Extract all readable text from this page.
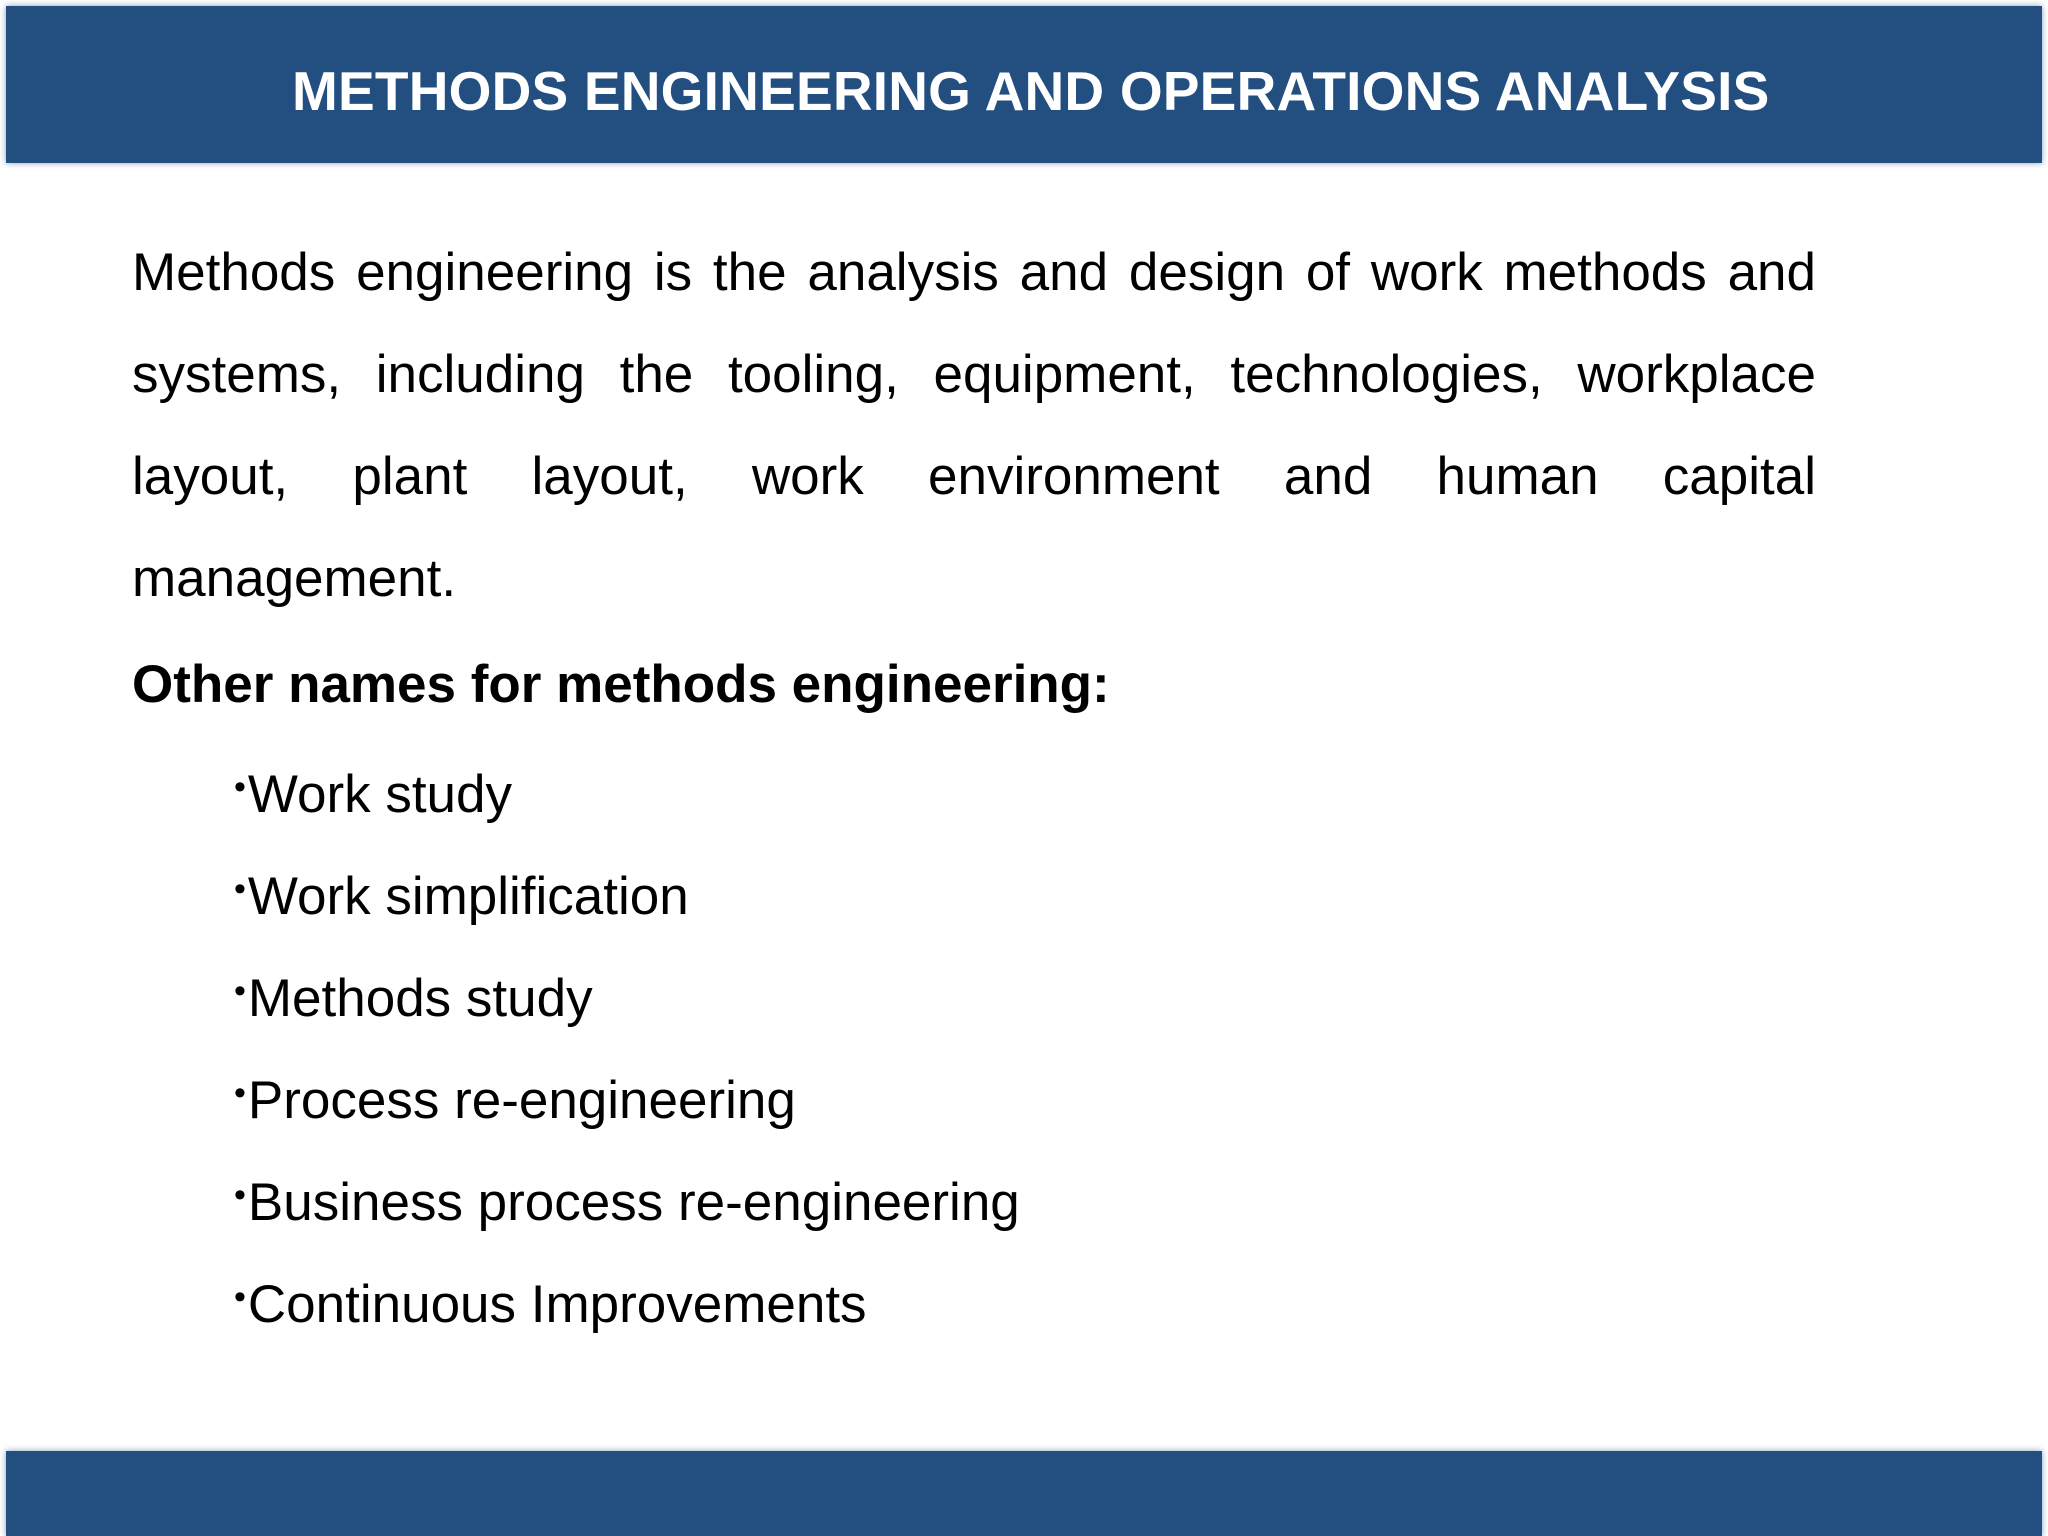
METHODS ENGINEERING AND OPERATIONS ANALYSIS

Methods engineering is the analysis and design of work methods and systems, including the tooling, equipment, technologies, workplace layout, plant layout, work environment and human capital management.

Other names for methods engineering:

•Work study
•Work simplification
•Methods study
•Process re-engineering
•Business process re-engineering
•Continuous Improvements
